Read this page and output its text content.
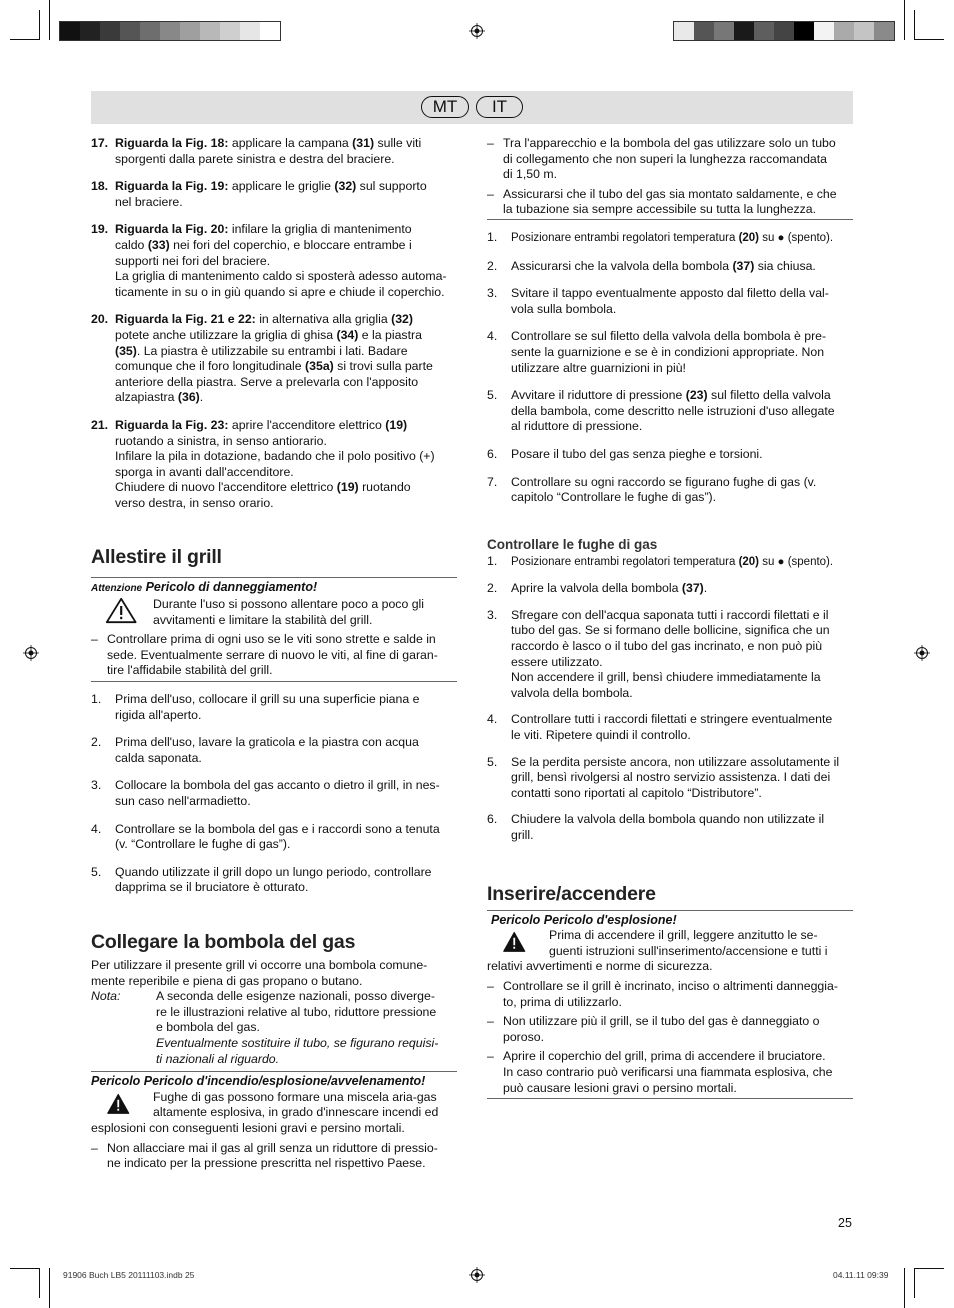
MT	IT
17. Riguarda la Fig. 18: applicare la campana (31) sulle viti
sporgenti dalla parete sinistra e destra del braciere.
18. Riguarda la Fig. 19: applicare le griglie (32) sul supporto
nel braciere.
19. Riguarda la Fig. 20: infilare la griglia di mantenimento
caldo (33) nei fori del coperchio, e bloccare entrambe i
supporti nei fori del braciere.
La griglia di mantenimento caldo si sposterà adesso automa-
ticamente in su o in giù quando si apre e chiude il coperchio.
20. Riguarda la Fig. 21 e 22: in alternativa alla griglia (32)
potete anche utilizzare la griglia di ghisa (34) e la piastra
(35). La piastra è utilizzabile su entrambi i lati. Badare
comunque che il foro longitudinale (35a) si trovi sulla parte
anteriore della piastra. Serve a prelevarla con l'apposito
alzapiastra (36).
21. Riguarda la Fig. 23: aprire l'accenditore elettrico (19)
ruotando a sinistra, in senso antiorario.
Infilare la pila in dotazione, badando che il polo positivo (+)
sporga in avanti dall'accenditore.
Chiudere di nuovo l'accenditore elettrico (19) ruotando
verso destra, in senso orario.
Allestire il grill
Attenzione Pericolo di danneggiamento!
Durante l'uso si possono allentare poco a poco gli
avvitamenti e limitare la stabilità del grill.
– Controllare prima di ogni uso se le viti sono strette e salde in
sede. Eventualmente serrare di nuovo le viti, al fine di garan-
tire l'affidabile stabilità del grill.
1. Prima dell'uso, collocare il grill su una superficie piana e
rigida all'aperto.
2. Prima dell'uso, lavare la graticola e la piastra con acqua
calda saponata.
3. Collocare la bombola del gas accanto o dietro il grill, in nes-
sun caso nell'armadietto.
4. Controllare se la bombola del gas e i raccordi sono a tenuta
(v. “Controllare le fughe di gas”).
5. Quando utilizzate il grill dopo un lungo periodo, controllare
dapprima se il bruciatore è otturato.
Collegare la bombola del gas
Per utilizzare il presente grill vi occorre una bombola comune-
mente reperibile e piena di gas propano o butano.
Nota:	A seconda delle esigenze nazionali, posso diverge-
re le illustrazioni relative al tubo, riduttore pressione
e bombola del gas.
Eventualmente sostituire il tubo, se figurano requisi-
ti nazionali al riguardo.
Pericolo Pericolo d'incendio/esplosione/avvelenamento!
Fughe di gas possono formare una miscela aria-gas
altamente esplosiva, in grado d'innescare incendi ed
esplosioni con conseguenti lesioni gravi e persino mortali.
– Non allacciare mai il gas al grill senza un riduttore di pressio-
ne indicato per la pressione prescritta nel rispettivo Paese.
– Tra l'apparecchio e la bombola del gas utilizzare solo un tubo
di collegamento che non superi la lunghezza raccomandata
di 1,50 m.
– Assicurarsi che il tubo del gas sia montato saldamente, e che
la tubazione sia sempre accessibile su tutta la lunghezza.
1. Posizionare entrambi regolatori temperatura (20) su ● (spento).
2. Assicurarsi che la valvola della bombola (37) sia chiusa.
3. Svitare il tappo eventualmente apposto dal filetto della val-
vola sulla bombola.
4. Controllare se sul filetto della valvola della bombola è pre-
sente la guarnizione e se è in condizioni appropriate. Non
utilizzare altre guarnizioni in più!
5. Avvitare il riduttore di pressione (23) sul filetto della valvola
della bambola, come descritto nelle istruzioni d'uso allegate
al riduttore di pressione.
6. Posare il tubo del gas senza pieghe e torsioni.
7. Controllare su ogni raccordo se figurano fughe di gas (v.
capitolo “Controllare le fughe di gas”).
Controllare le fughe di gas
1. Posizionare entrambi regolatori temperatura (20) su ● (spento).
2. Aprire la valvola della bombola (37).
3. Sfregare con dell'acqua saponata tutti i raccordi filettati e il
tubo del gas. Se si formano delle bollicine, significa che un
raccordo è lasco o il tubo del gas incrinato, e non può più
essere utilizzato.
Non accendere il grill, bensì chiudere immediatamente la
valvola della bombola.
4. Controllare tutti i raccordi filettati e stringere eventualmente
le viti. Ripetere quindi il controllo.
5. Se la perdita persiste ancora, non utilizzare assolutamente il
grill, bensì rivolgersi al nostro servizio assistenza. I dati dei
contatti sono riportati al capitolo “Distributore”.
6. Chiudere la valvola della bombola quando non utilizzate il
grill.
Inserire/accendere
Pericolo Pericolo d'esplosione!
Prima di accendere il grill, leggere anzitutto le se-
guenti istruzioni sull'inserimento/accensione e tutti i
relativi avvertimenti e norme di sicurezza.
– Controllare se il grill è incrinato, inciso o altrimenti danneggia-
to, prima di utilizzarlo.
– Non utilizzare più il grill, se il tubo del gas è danneggiato o
poroso.
– Aprire il coperchio del grill, prima di accendere il bruciatore.
In caso contrario può verificarsi una fiammata esplosiva, che
può causare lesioni gravi o persino mortali.
25
91906 Buch LB5 20111103.indb 25	04.11.11 09:39
